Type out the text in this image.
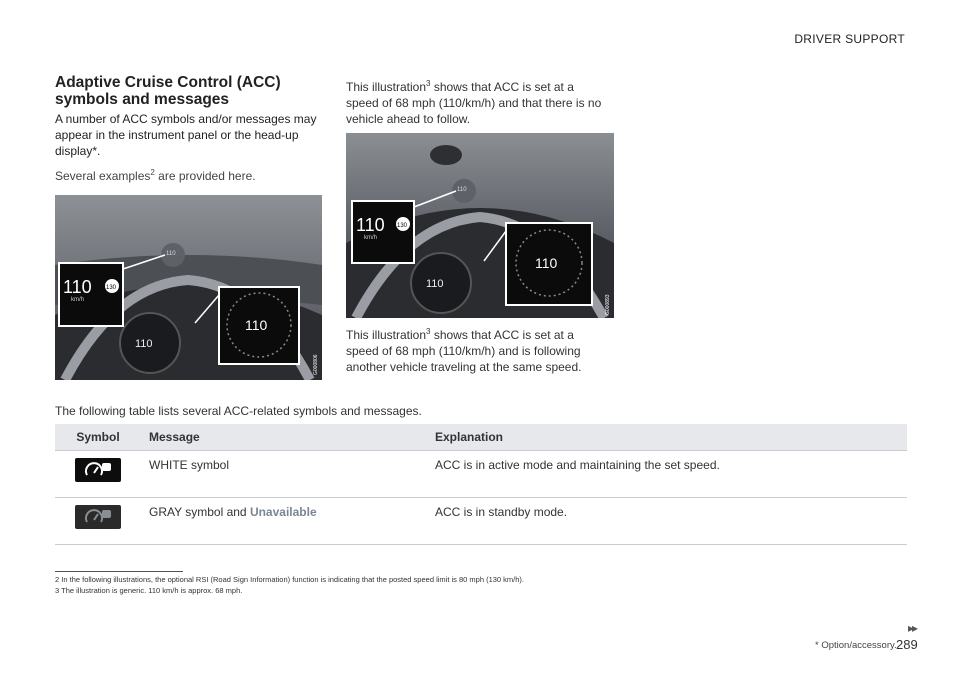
DRIVER SUPPORT
Adaptive Cruise Control (ACC) symbols and messages
A number of ACC symbols and/or messages may appear in the instrument panel or the head-up display*.
Several examples$^2$ are provided here.
110
110
110 130
km/h
110
G000806
This illustration$^3$ shows that ACC is set at a speed of 68 mph (110/km/h) and that there is no vehicle ahead to follow.
110
110
110 130
km/h
110
G000893
This illustration$^3$ shows that ACC is set at a speed of 68 mph (110/km/h) and is following another vehicle traveling at the same speed.
The following table lists several ACC-related symbols and messages.
Symbol	Message	Explanation
	WHITE symbol	ACC is in active mode and maintaining the set speed.
	GRAY symbol and Unavailable	ACC is in standby mode.
2 In the following illustrations, the optional RSI (Road Sign Information) function is indicating that the posted speed limit is 80 mph (130 km/h).
3 The illustration is generic. 110 km/h is approx. 68 mph.
▸▸
* Option/accessory. 289
